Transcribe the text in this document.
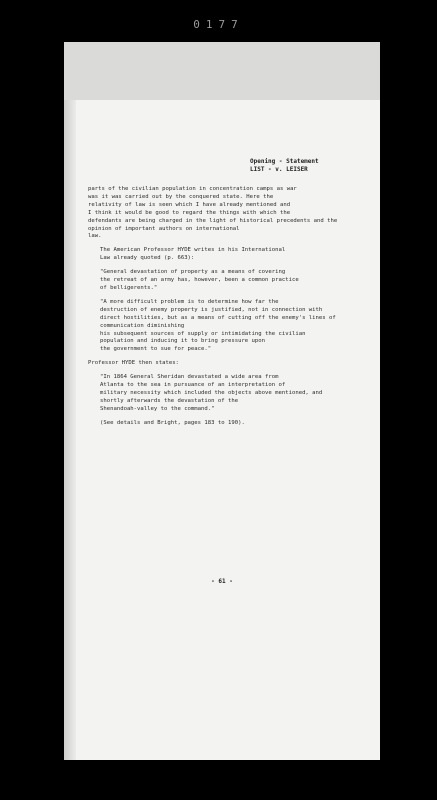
0177
Opening - Statement
LIST - v. LEISER

parts of the civilian population in concentration camps as war
was it was carried out by the conquered state. Here the
relativity of law is seen which I have already mentioned and
I think it would be good to regard the things with which the
defendants are being charged in the light of historical precedents and the opinion of important authors on international
law.

The American Professor HYDE writes in his International
Law already quoted (p. 663):

"General devastation of property as a means of covering
the retreat of an army has, however, been a common practice
of belligerents."

"A more difficult problem is to determine how far the
destruction of enemy property is justified, not in connection with direct hostilities, but as a means of cutting off the enemy's lines of communication diminishing
his subsequent sources of supply or intimidating the civilian population and inducing it to bring pressure upon
the government to sue for peace."

Professor HYDE then states:

"In 1864 General Sheridan devastated a wide area from
Atlanta to the sea in pursuance of an interpretation of
military necessity which included the objects above mentioned, and shortly afterwards the devastation of the
Shenandoah-valley to the command."

(See details and Bright, pages 183 to 190).

- 61 -
